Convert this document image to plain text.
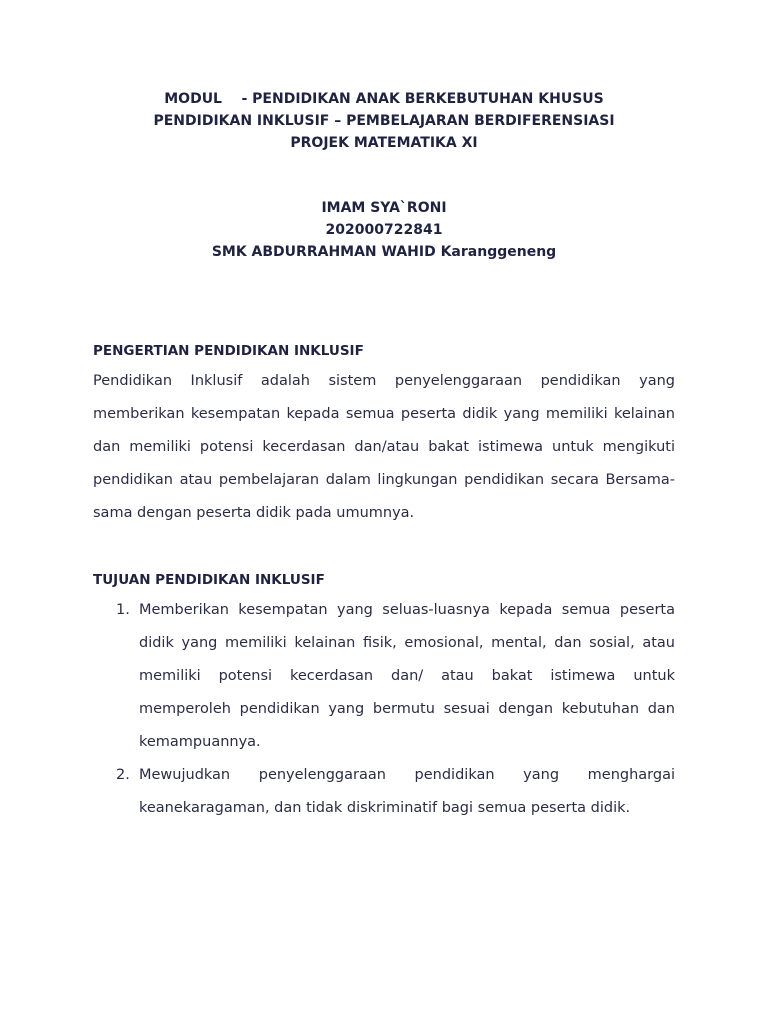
MODUL    - PENDIDIKAN ANAK BERKEBUTUHAN KHUSUS
PENDIDIKAN INKLUSIF – PEMBELAJARAN BERDIFERENSIASI
PROJEK MATEMATIKA XI
IMAM SYA`RONI
202000722841
SMK ABDURRAHMAN WAHID Karanggeneng

PENGERTIAN PENDIDIKAN INKLUSIF

Pendidikan Inklusif adalah sistem penyelenggaraan pendidikan yang memberikan kesempatan kepada semua peserta didik yang memiliki kelainan dan memiliki potensi kecerdasan dan/atau bakat istimewa untuk mengikuti pendidikan atau pembelajaran dalam lingkungan pendidikan secara Bersama-sama dengan peserta didik pada umumnya.

TUJUAN PENDIDIKAN INKLUSIF

1. Memberikan kesempatan yang seluas-luasnya kepada semua peserta didik yang memiliki kelainan fisik, emosional, mental, dan sosial, atau memiliki potensi kecerdasan dan/ atau bakat istimewa untuk memperoleh pendidikan yang bermutu sesuai dengan kebutuhan dan kemampuannya.
2. Mewujudkan penyelenggaraan pendidikan yang menghargai keanekaragaman, dan tidak diskriminatif bagi semua peserta didik.
